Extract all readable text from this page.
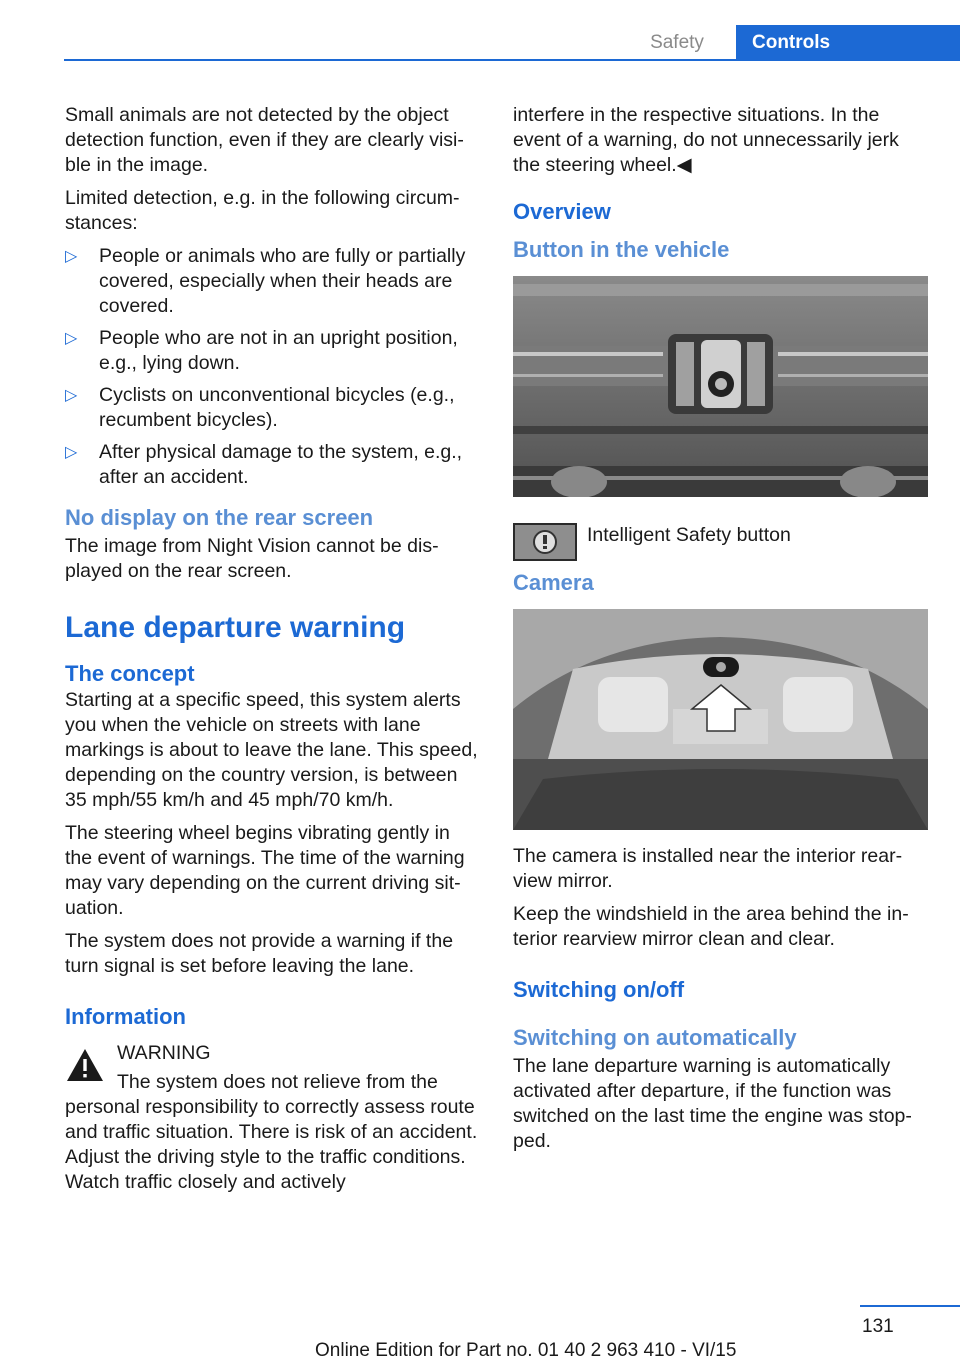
Safety	Controls

Small animals are not detected by the object detection function, even if they are clearly visi‐ble in the image.

Limited detection, e.g. in the following circum‐stances:

▷ People or animals who are fully or partially covered, especially when their heads are covered.
▷ People who are not in an upright position, e.g., lying down.
▷ Cyclists on unconventional bicycles (e.g., recumbent bicycles).
▷ After physical damage to the system, e.g., after an accident.
No display on the rear screen

The image from Night Vision cannot be dis‐played on the rear screen.

Lane departure warning
The concept

Starting at a specific speed, this system alerts you when the vehicle on streets with lane markings is about to leave the lane. This speed, depending on the country version, is between 35 mph/55 km/h and 45 mph/70 km/h.

The steering wheel begins vibrating gently in the event of warnings. The time of the warning may vary depending on the current driving sit‐uation.

The system does not provide a warning if the turn signal is set before leaving the lane.

Information

WARNING

The system does not relieve from the personal responsibility to correctly assess route and traffic situation. There is risk of an accident. Adjust the driving style to the traffic conditions. Watch traffic closely and actively

interfere in the respective situations. In the event of a warning, do not unnecessarily jerk the steering wheel.◀

Overview
Button in the vehicle
Intelligent Safety button
Camera

The camera is installed near the interior rear‐view mirror.

Keep the windshield in the area behind the in‐terior rearview mirror clean and clear.

Switching on/off
Switching on automatically

The lane departure warning is automatically activated after departure, if the function was switched on the last time the engine was stop‐ped.

131
Online Edition for Part no. 01 40 2 963 410 - VI/15
